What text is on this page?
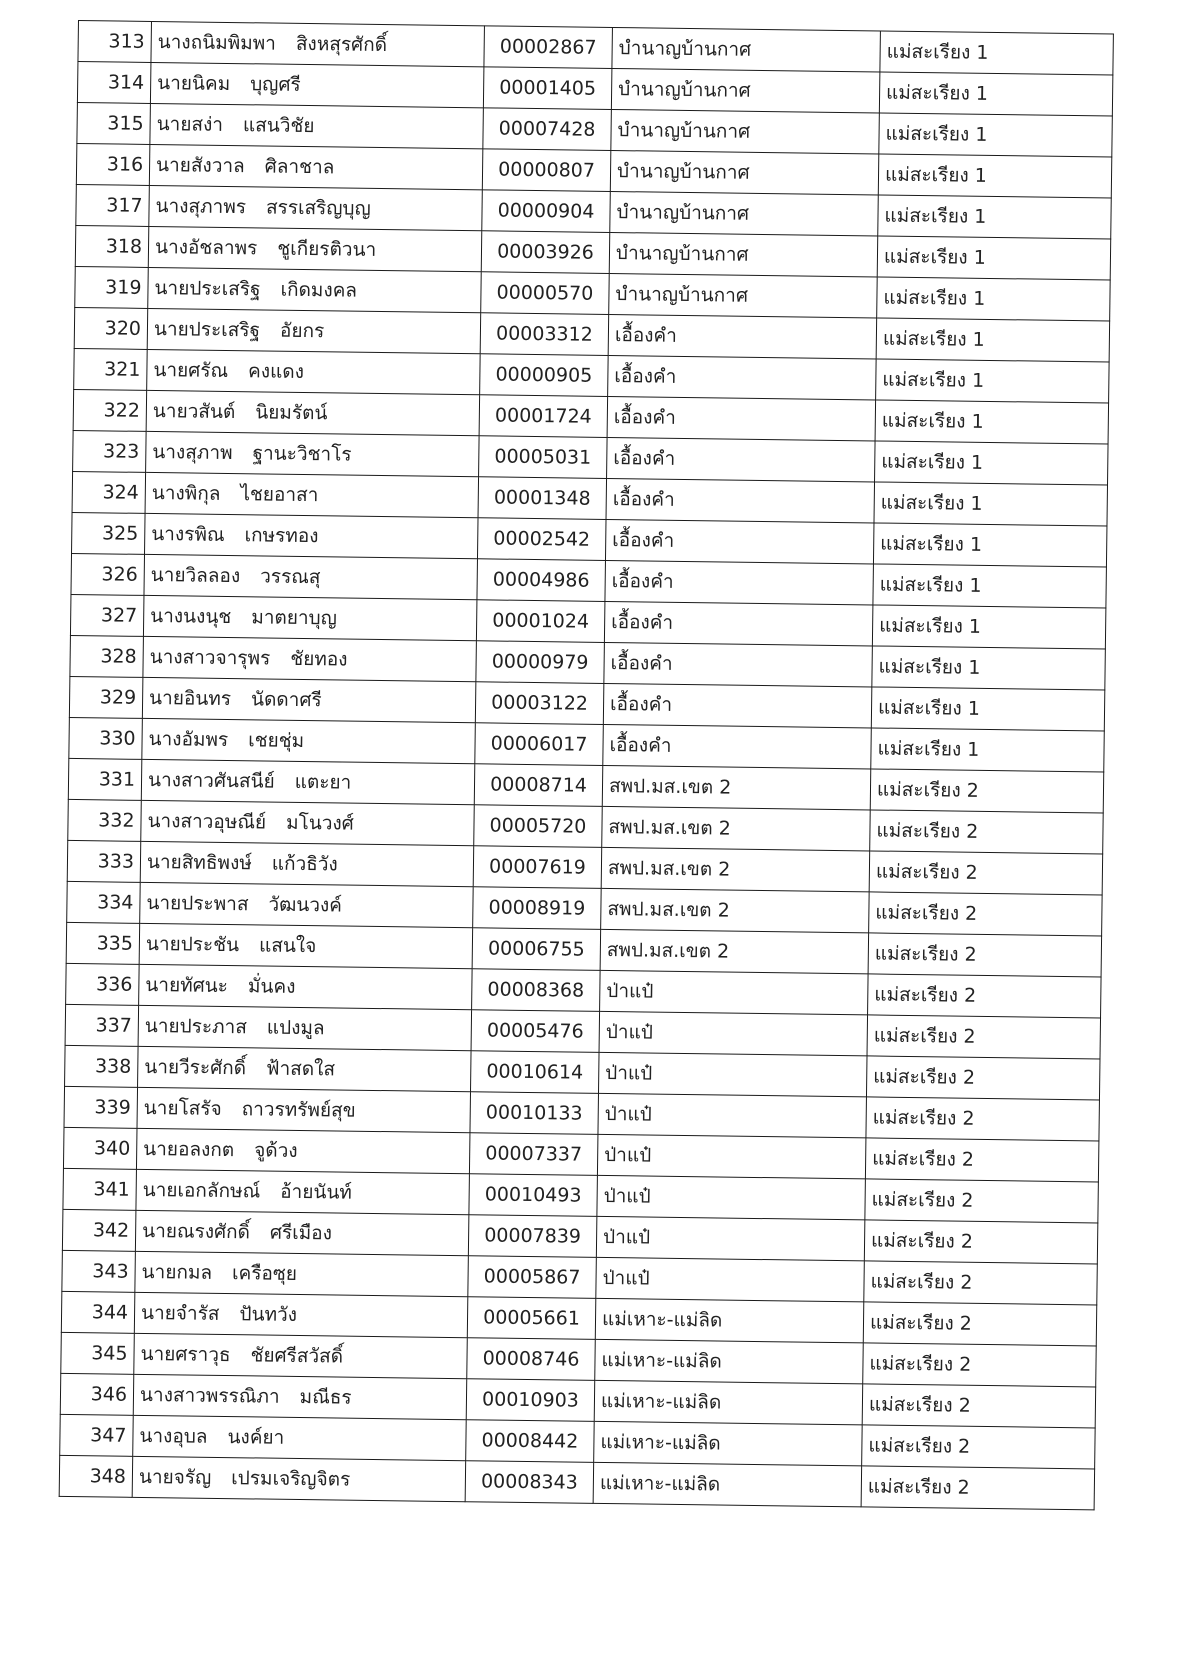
313	นางถนิมพิมพา สิงหสุรศักดิ์	00002867	บำนาญบ้านกาศ	แม่สะเรียง 1
314	นายนิคม บุญศรี	00001405	บำนาญบ้านกาศ	แม่สะเรียง 1
315	นายสง่า แสนวิชัย	00007428	บำนาญบ้านกาศ	แม่สะเรียง 1
316	นายสังวาล ศิลาชาล	00000807	บำนาญบ้านกาศ	แม่สะเรียง 1
317	นางสุภาพร สรรเสริญบุญ	00000904	บำนาญบ้านกาศ	แม่สะเรียง 1
318	นางอัชลาพร ชูเกียรติวนา	00003926	บำนาญบ้านกาศ	แม่สะเรียง 1
319	นายประเสริฐ เกิดมงคล	00000570	บำนาญบ้านกาศ	แม่สะเรียง 1
320	นายประเสริฐ อัยกร	00003312	เอื้องคำ	แม่สะเรียง 1
321	นายศรัณ คงแดง	00000905	เอื้องคำ	แม่สะเรียง 1
322	นายวสันต์ นิยมรัตน์	00001724	เอื้องคำ	แม่สะเรียง 1
323	นางสุภาพ ฐานะวิชาโร	00005031	เอื้องคำ	แม่สะเรียง 1
324	นางพิกุล ไชยอาสา	00001348	เอื้องคำ	แม่สะเรียง 1
325	นางรพิณ เกษรทอง	00002542	เอื้องคำ	แม่สะเรียง 1
326	นายวิลลอง วรรณสุ	00004986	เอื้องคำ	แม่สะเรียง 1
327	นางนงนุช มาตยาบุญ	00001024	เอื้องคำ	แม่สะเรียง 1
328	นางสาวจารุพร ชัยทอง	00000979	เอื้องคำ	แม่สะเรียง 1
329	นายอินทร นัดดาศรี	00003122	เอื้องคำ	แม่สะเรียง 1
330	นางอัมพร เชยชุ่ม	00006017	เอื้องคำ	แม่สะเรียง 1
331	นางสาวศันสนีย์ แตะยา	00008714	สพป.มส.เขต 2	แม่สะเรียง 2
332	นางสาวอุษณีย์ มโนวงศ์	00005720	สพป.มส.เขต 2	แม่สะเรียง 2
333	นายสิทธิพงษ์ แก้วธิวัง	00007619	สพป.มส.เขต 2	แม่สะเรียง 2
334	นายประพาส วัฒนวงค์	00008919	สพป.มส.เขต 2	แม่สะเรียง 2
335	นายประชัน แสนใจ	00006755	สพป.มส.เขต 2	แม่สะเรียง 2
336	นายทัศนะ มั่นคง	00008368	ป่าแป๋	แม่สะเรียง 2
337	นายประภาส แปงมูล	00005476	ป่าแป๋	แม่สะเรียง 2
338	นายวีระศักดิ์ ฟ้าสดใส	00010614	ป่าแป๋	แม่สะเรียง 2
339	นายโสรัจ ถาวรทรัพย์สุข	00010133	ป่าแป๋	แม่สะเรียง 2
340	นายอลงกต จูด้วง	00007337	ป่าแป๋	แม่สะเรียง 2
341	นายเอกลักษณ์ อ้ายนันท์	00010493	ป่าแป๋	แม่สะเรียง 2
342	นายณรงศักดิ์ ศรีเมือง	00007839	ป่าแป๋	แม่สะเรียง 2
343	นายกมล เครือซุย	00005867	ป่าแป๋	แม่สะเรียง 2
344	นายจำรัส ปันทวัง	00005661	แม่เหาะ-แม่ลิด	แม่สะเรียง 2
345	นายศราวุธ ชัยศรีสวัสดิ์	00008746	แม่เหาะ-แม่ลิด	แม่สะเรียง 2
346	นางสาวพรรณิภา มณีธร	00010903	แม่เหาะ-แม่ลิด	แม่สะเรียง 2
347	นางอุบล นงค์ยา	00008442	แม่เหาะ-แม่ลิด	แม่สะเรียง 2
348	นายจรัญ เปรมเจริญจิตร	00008343	แม่เหาะ-แม่ลิด	แม่สะเรียง 2
